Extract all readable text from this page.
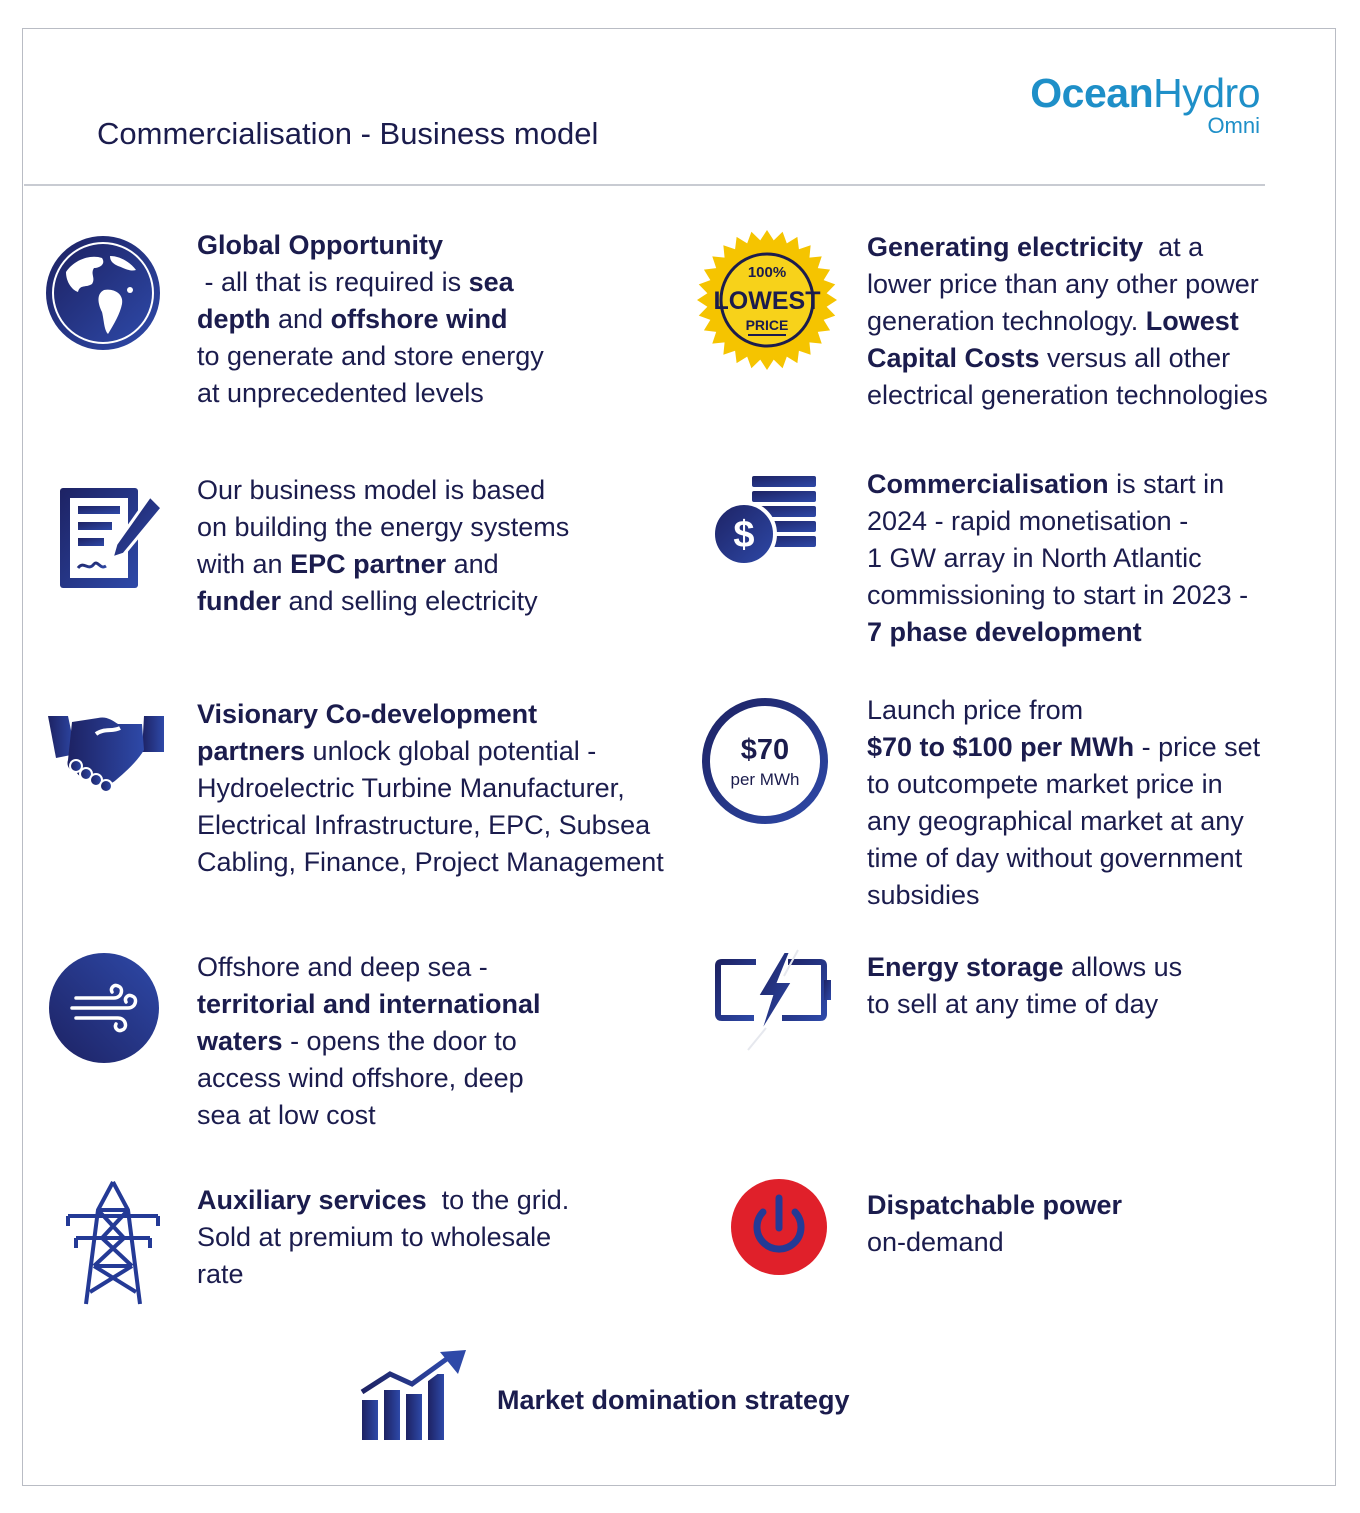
Commercialisation - Business model
OceanHydro
Omni
100%
LOWEST
PRICE
$
$70
per MWh
Global Opportunity
- all that is required is sea
depth and offshore wind
to generate and store energy
at unprecedented levels
Our business model is based
on building the energy systems
with an EPC partner and
funder and selling electricity
Visionary Co-development
partners unlock global potential -
Hydroelectric Turbine Manufacturer,
Electrical Infrastructure, EPC, Subsea
Cabling, Finance, Project Management
Offshore and deep sea -
territorial and international
waters - opens the door to
access wind offshore, deep
sea at low cost
Auxiliary services  to the grid.
Sold at premium to wholesale
rate
Generating electricity  at a
lower price than any other power
generation technology. Lowest
Capital Costs versus all other
electrical generation technologies
Commercialisation is start in
2024 - rapid monetisation -
1 GW array in North Atlantic
commissioning to start in 2023 -
7 phase development
Launch price from
$70 to $100 per MWh - price set
to outcompete market price in
any geographical market at any
time of day without government
subsidies
Energy storage allows us
to sell at any time of day
Dispatchable power
on-demand
Market domination strategy
